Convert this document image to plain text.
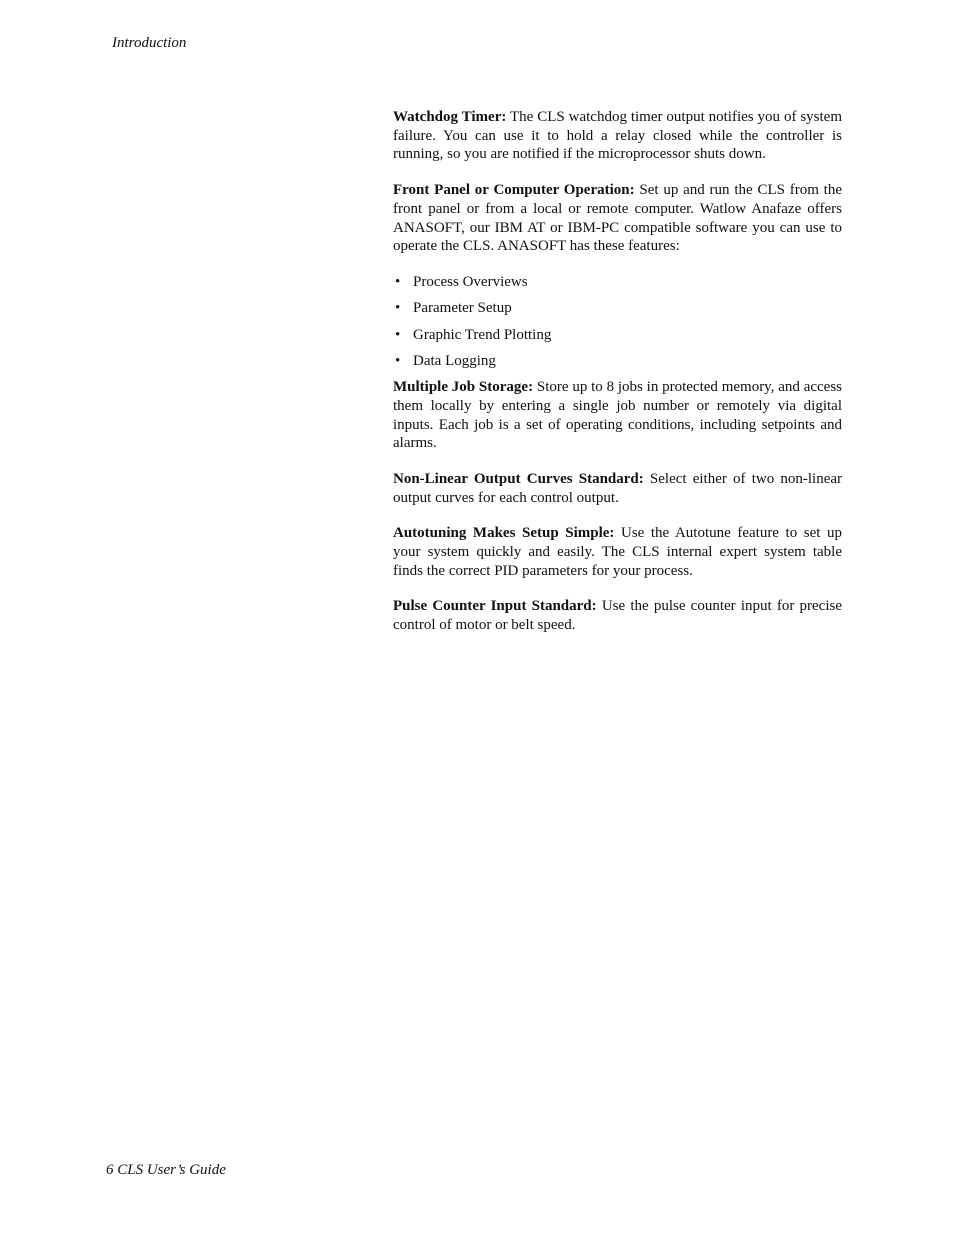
Introduction

Watchdog Timer: The CLS watchdog timer output notifies you of system failure. You can use it to hold a relay closed while the controller is running, so you are notified if the microprocessor shuts down.

Front Panel or Computer Operation: Set up and run the CLS from the front panel or from a local or remote computer. Watlow Anafaze offers ANASOFT, our IBM AT or IBM-PC compatible software you can use to operate the CLS. ANASOFT has these features:

• Process Overviews
• Parameter Setup
• Graphic Trend Plotting
• Data Logging

Multiple Job Storage: Store up to 8 jobs in protected memory, and access them locally by entering a single job number or remotely via digital inputs. Each job is a set of operating conditions, including setpoints and alarms.

Non-Linear Output Curves Standard: Select either of two non-linear output curves for each control output.

Autotuning Makes Setup Simple: Use the Autotune feature to set up your system quickly and easily. The CLS internal expert system table finds the correct PID parameters for your process.

Pulse Counter Input Standard: Use the pulse counter input for precise control of motor or belt speed.

6 CLS User’s Guide
